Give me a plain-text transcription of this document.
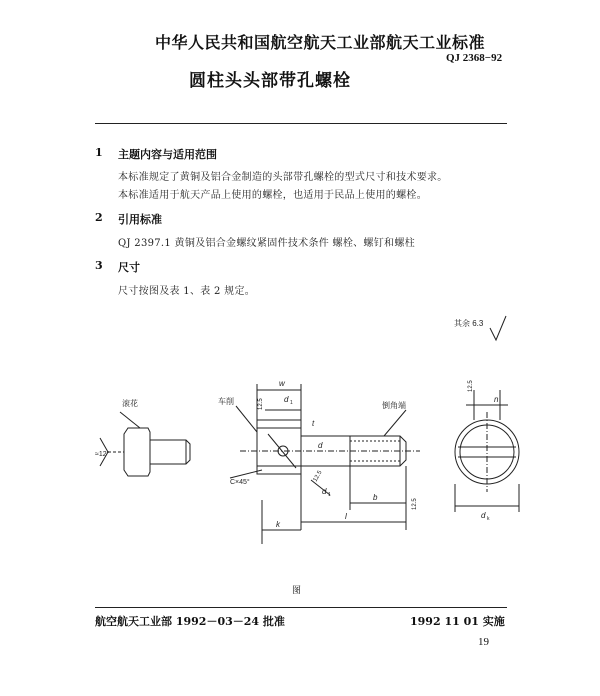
中华人民共和国航空航天工业部航天工业标准
QJ 2368−92
圆柱头头部带孔螺栓
1 主题内容与适用范围
本标准规定了黄铜及铝合金制造的头部带孔螺栓的型式尺寸和技术要求。
本标准适用于航天产品上使用的螺栓，也适用于民品上使用的螺栓。
2 引用标准
QJ 2397.1 黄铜及铝合金螺纹紧固件技术条件 螺栓、螺钉和螺柱
3 尺寸
尺寸按图及表 1、表 2 规定。
其余 6.3
滚花	车削	倒角端
≈12°
C×45°
w
d 1
t
d
d 1	b
k
l
n
d k
12.5
12.5
12.5
12.5
图
航空航天工业部 1992－03－24 批准	1992 11 01 实施
19
